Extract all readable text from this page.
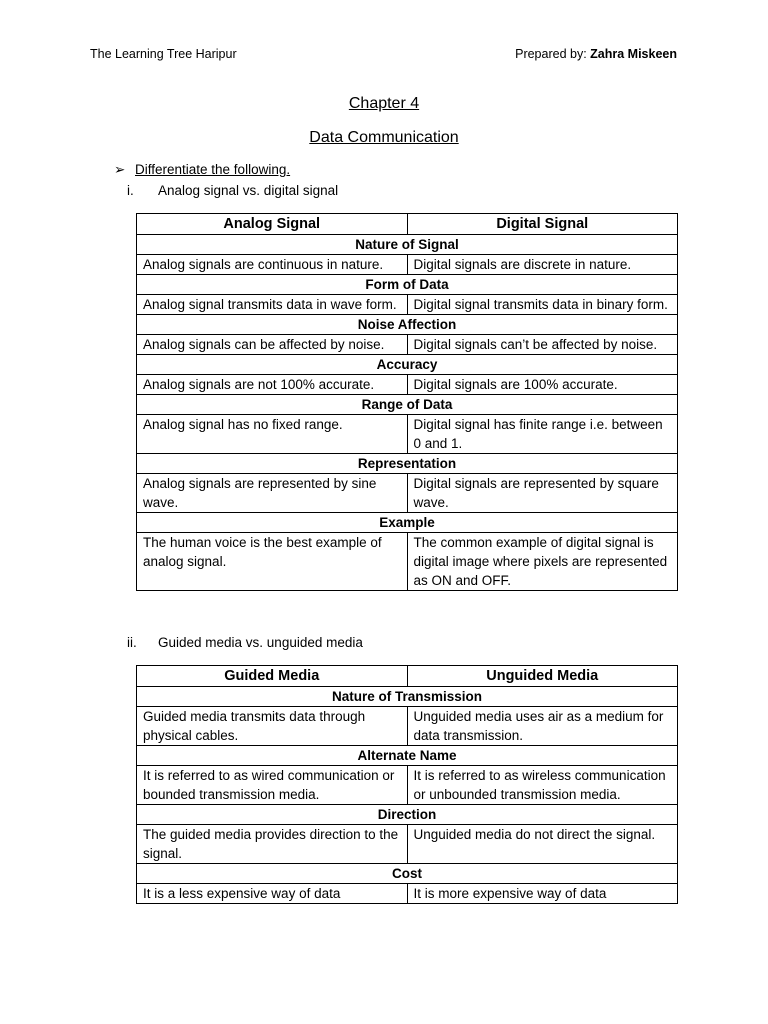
The Learning Tree Haripur	Prepared by: Zahra Miskeen
Chapter 4
Data Communication
➢ Differentiate the following.
i. Analog signal vs. digital signal
Analog Signal	Digital Signal
Nature of Signal	
Analog signals are continuous in nature.	Digital signals are discrete in nature.
Form of Data	
Analog signal transmits data in wave form.	Digital signal transmits data in binary form.
Noise Affection	
Analog signals can be affected by noise.	Digital signals can’t be affected by noise.
Accuracy	
Analog signals are not 100% accurate.	Digital signals are 100% accurate.
Range of Data	
Analog signal has no fixed range.	Digital signal has finite range i.e. between 0 and 1.
Representation	
Analog signals are represented by sine wave.	Digital signals are represented by square wave.
Example	
The human voice is the best example of analog signal.	The common example of digital signal is digital image where pixels are represented as ON and OFF.
ii. Guided media vs. unguided media
Guided Media	Unguided Media
Nature of Transmission	
Guided media transmits data through physical cables.	Unguided media uses air as a medium for data transmission.
Alternate Name	
It is referred to as wired communication or bounded transmission media.	It is referred to as wireless communication or unbounded transmission media.
Direction	
The guided media provides direction to the signal.	Unguided media do not direct the signal.
Cost	
It is a less expensive way of data	It is more expensive way of data
